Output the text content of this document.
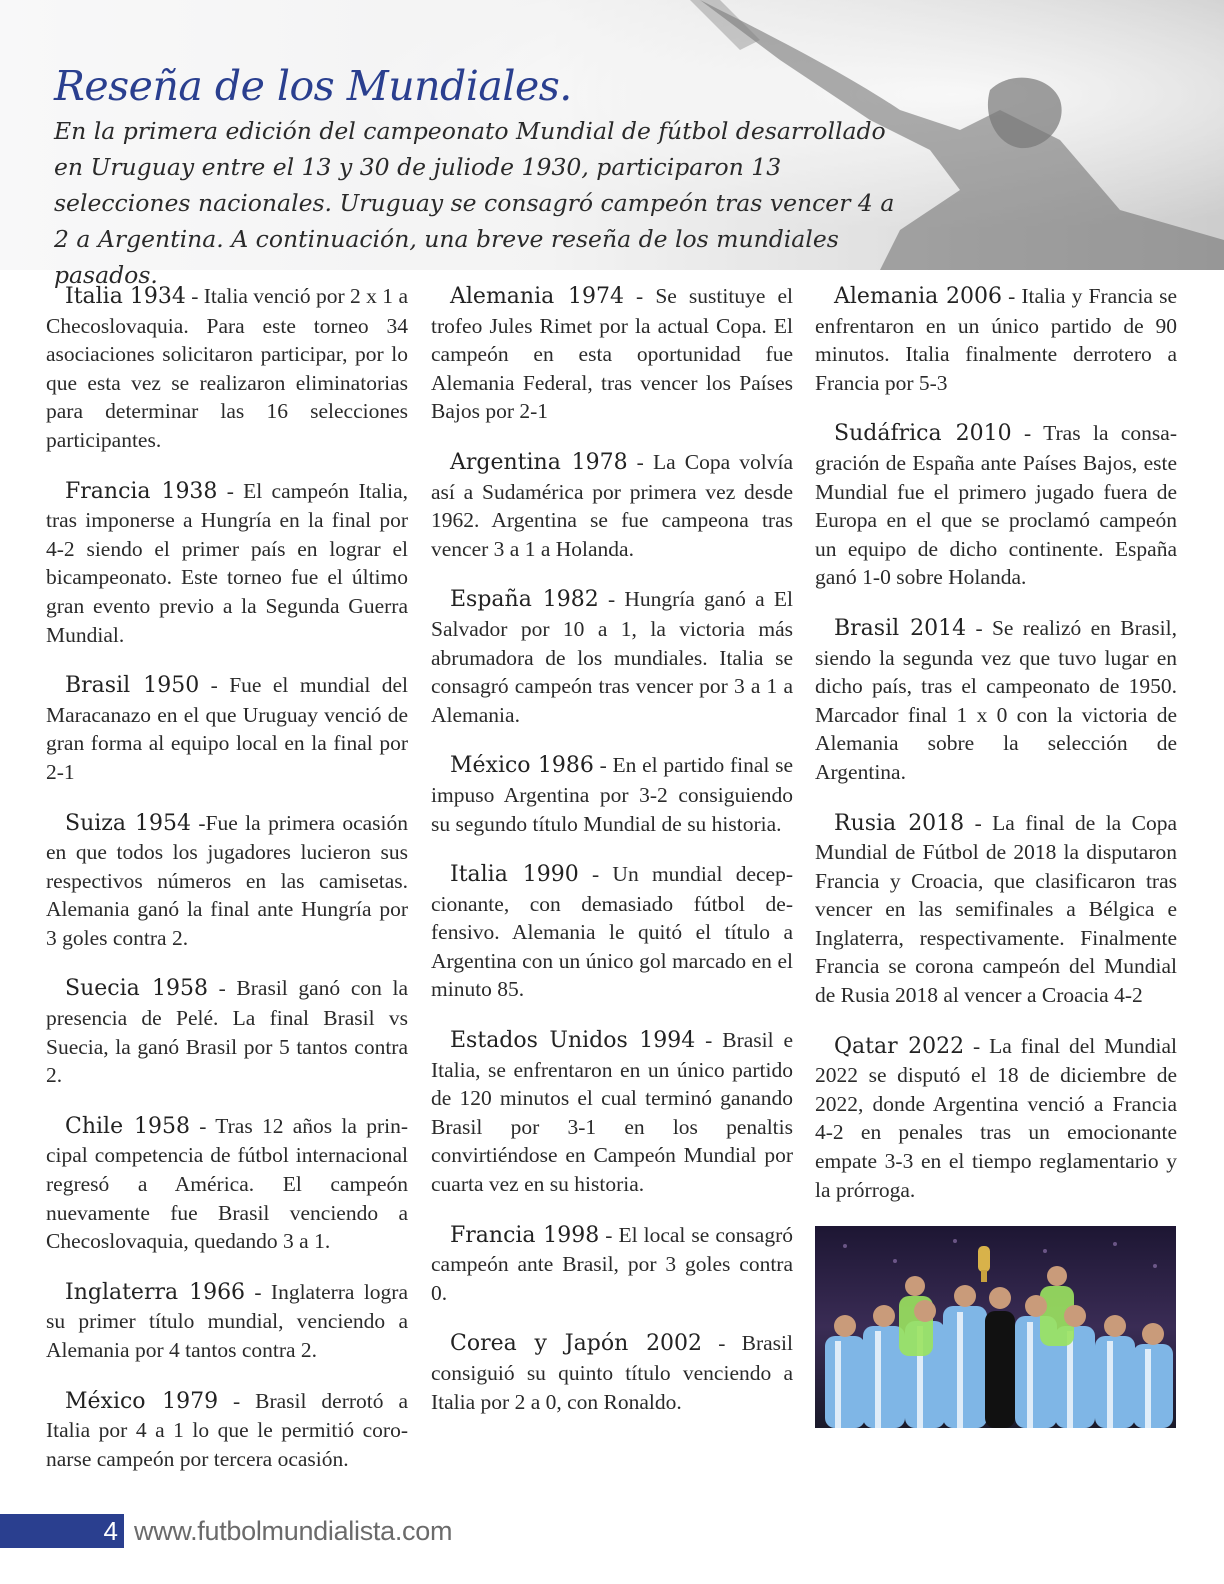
Reseña de los Mundiales.

En la primera edición del campeonato Mundial de fútbol desarrollado en Uruguay entre el 13 y 30 de juliode 1930, participaron 13 selecciones nacionales. Uruguay se consagró campeón tras vencer 4 a 2 a Argentina. A continuación, una breve reseña de los mundiales pasados.

Italia 1934 - Italia venció por 2 x 1 a Checoslovaquia. Para este torneo 34 asociaciones solicitaron participar, por lo que esta vez se realizaron eliminatorias para determinar las 16 selecciones participantes.

Francia 1938 - El campeón Italia, tras imponerse a Hungría en la final por 4-2 siendo el primer país en lograr el bicampeonato. Este torneo fue el último gran evento previo a la Segunda Guerra Mundial.

Brasil 1950 - Fue el mundial del Maracanazo en el que Uruguay venció de gran forma al equipo local en la final por 2-1

Suiza 1954 -Fue la primera ocasión en que todos los jugadores lucieron sus respectivos números en las camisetas. Alemania ganó la final ante Hungría por 3 goles contra 2.

Suecia 1958 - Brasil ganó con la presencia de Pelé. La final Brasil vs Suecia, la ganó Brasil por 5 tantos contra 2.

Chile 1958 - Tras 12 años la principal competencia de fútbol internacional regresó a América. El campeón nuevamente fue Brasil venciendo a Checoslovaquia, quedando 3 a 1.

Inglaterra 1966 - Inglaterra logra su primer título mundial, venciendo a Alemania por 4 tantos contra 2.

México 1979 - Brasil derrotó a Italia por 4 a 1 lo que le permitió coronarse campeón por tercera ocasión.

Alemania 1974 - Se sustituye el trofeo Jules Rimet por la actual Copa. El campeón en esta oportunidad fue Alemania Federal, tras vencer los Países Bajos por 2-1

Argentina 1978 - La Copa volvía así a Sudamérica por primera vez desde 1962. Argentina se fue campeona tras vencer 3 a 1 a Holanda.

España 1982 - Hungría ganó a El Salvador por 10 a 1, la victoria más abrumadora de los mundiales. Italia se consagró campeón tras vencer por 3 a 1 a Alemania.

México 1986 - En el partido final se impuso Argentina por 3-2 consiguiendo su segundo título Mundial de su historia.

Italia 1990 - Un mundial decepcionante, con demasiado fútbol defensivo. Alemania le quitó el título a Argentina con un único gol marcado en el minuto 85.

Estados Unidos 1994 - Brasil e Italia, se enfrentaron en un único partido de 120 minutos el cual terminó ganando Brasil por 3-1 en los penaltis convirtiéndose en Campeón Mundial por cuarta vez en su historia.

Francia 1998 - El local se consagró campeón ante Brasil, por 3 goles contra 0.

Corea y Japón 2002 - Brasil consiguió su quinto título venciendo a Italia por 2 a 0, con Ronaldo.

Alemania 2006 - Italia y Francia se enfrentaron en un único partido de 90 minutos. Italia finalmente derrotero a Francia por 5-3

Sudáfrica 2010 - Tras la consagración de España ante Países Bajos, este Mundial fue el primero jugado fuera de Europa en el que se proclamó campeón un equipo de dicho continente. España ganó 1-0 sobre Holanda.

Brasil 2014 - Se realizó en Brasil, siendo la segunda vez que tuvo lugar en dicho país, tras el campeonato de 1950. Marcador final 1 x 0 con la victoria de Alemania sobre la selección de Argentina.

Rusia 2018 - La final de la Copa Mundial de Fútbol de 2018 la disputaron Francia y Croacia, que clasificaron tras vencer en las semifinales a Bélgica e Inglaterra, respectivamente. Finalmente Francia se corona campeón del Mundial de Rusia 2018 al vencer a Croacia 4-2

Qatar 2022 - La final del Mundial 2022 se disputó el 18 de diciembre de 2022, donde Argentina venció a Francia 4-2 en penales tras un emocionante empate 3-3 en el tiempo reglamentario y la prórroga.

4 www.futbolmundialista.com
